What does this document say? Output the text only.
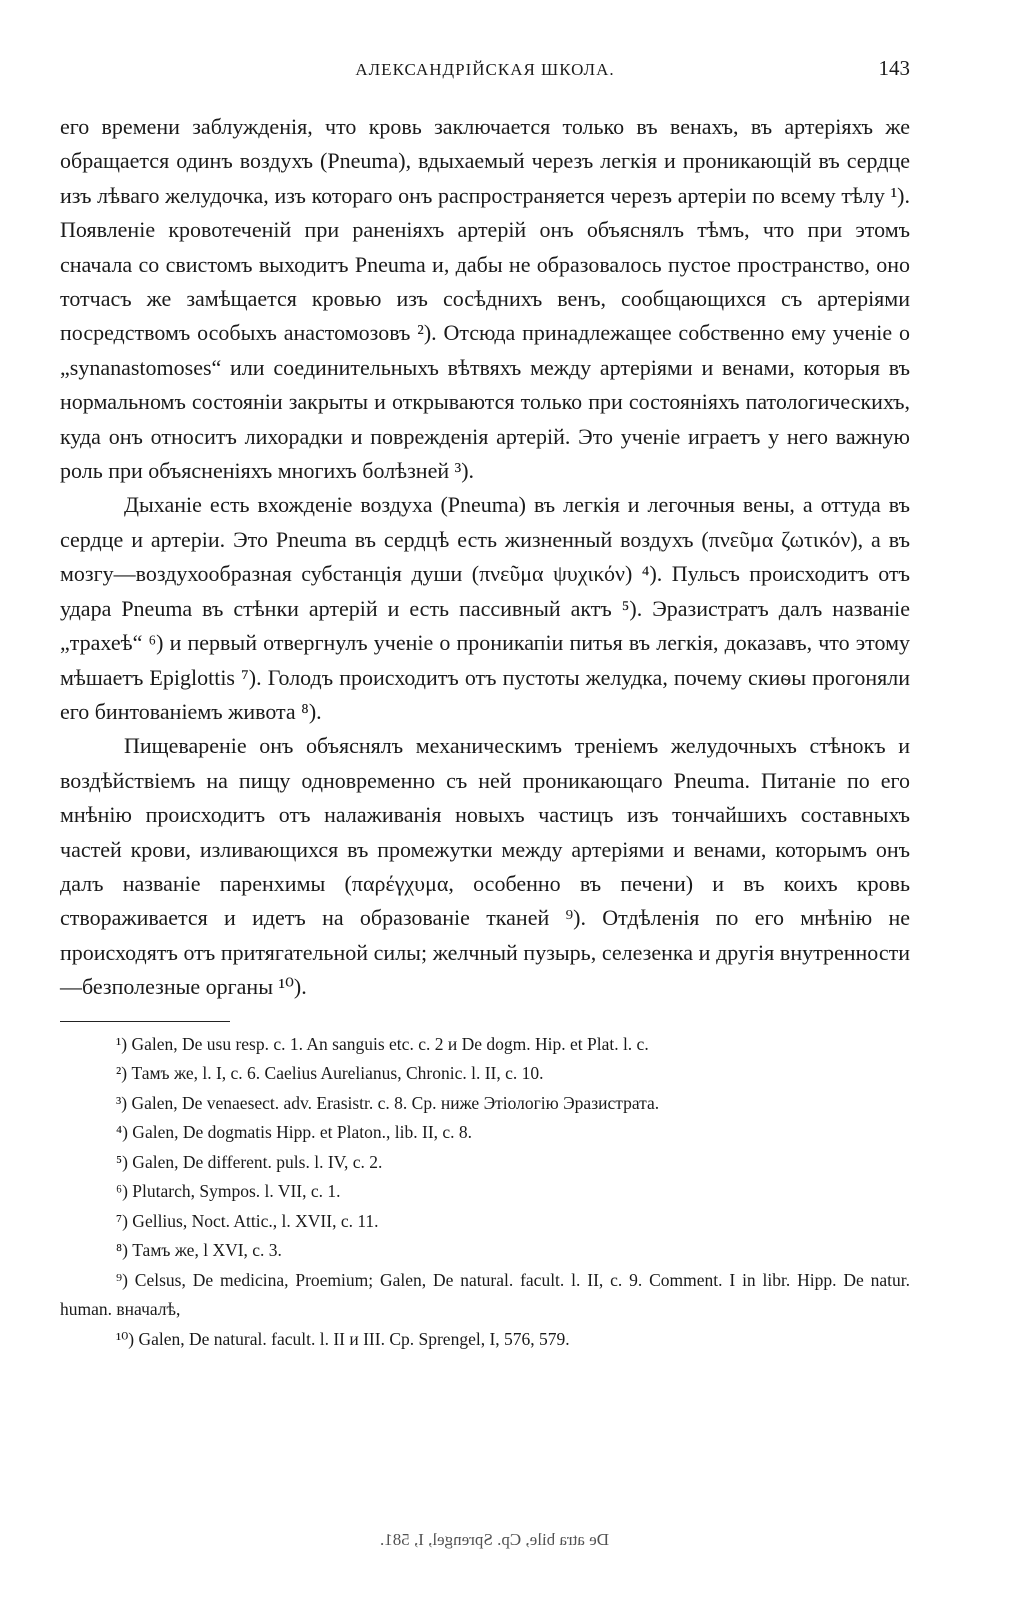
АЛЕКСАНДРІЙСКАЯ ШКОЛА.	143

его времени заблужденія, что кровь заключается только въ венахъ, въ артеріяхъ же обращается одинъ воздухъ (Pneuma), вдыхаемый черезъ легкія и проникающій въ сердце изъ лѣваго желудочка, изъ котораго онъ распространяется черезъ артеріи по всему тѣлу ¹). Появленіе кровотеченій при раненіяхъ артерій онъ объяснялъ тѣмъ, что при этомъ сначала со свистомъ выходитъ Pneuma и, дабы не образовалось пустое пространство, оно тотчасъ же замѣщается кровью изъ сосѣднихъ венъ, сообщающихся съ артеріями посредствомъ особыхъ анастомозовъ ²). Отсюда принадлежащее собственно ему ученіе о „synanastomoses“ или соединительныхъ вѣтвяхъ между артеріями и венами, которыя въ нормальномъ состояніи закрыты и открываются только при состояніяхъ патологическихъ, куда онъ относитъ лихорадки и поврежденія артерій. Это ученіе играетъ у него важную роль при объясненіяхъ многихъ болѣзней ³).

Дыханіе есть вхожденіе воздуха (Pneuma) въ легкія и легочныя вены, а оттуда въ сердце и артеріи. Это Pneuma въ сердцѣ есть жизненный воздухъ (πνεῦμα ζωτικόν), а въ мозгу—воздухообразная субстанція души (πνεῦμα ψυχικόν) ⁴). Пульсъ происходитъ отъ удара Pneuma въ стѣнки артерій и есть пассивный актъ ⁵). Эразистратъ далъ названіе „трахеѣ“ ⁶) и первый отвергнулъ ученіе о проникапіи питья въ легкія, доказавъ, что этому мѣшаетъ Epiglottis ⁷). Голодъ происходитъ отъ пустоты желудка, почему скиѳы прогоняли его бинтованіемъ живота ⁸).

Пищевареніе онъ объяснялъ механическимъ треніемъ желудочныхъ стѣнокъ и воздѣйствіемъ на пищу одновременно съ ней проникающаго Pneuma. Питаніе по его мнѣнію происходитъ отъ налаживанія новыхъ частицъ изъ тончайшихъ составныхъ частей крови, изливающихся въ промежутки между артеріями и венами, которымъ онъ далъ названіе паренхимы (παρέγχυμα, особенно въ печени) и въ коихъ кровь створаживается и идетъ на образованіе тканей ⁹). Отдѣленія по его мнѣнію не происходятъ отъ притягательной силы; желчный пузырь, селезенка и другія внутренности—безполезные органы ¹⁰).

¹) Galen, De usu resp. c. 1. An sanguis etc. c. 2 и De dogm. Hip. et Plat. l. c.
²) Тамъ же, l. I, c. 6. Caelius Aurelianus, Chronic. l. II, c. 10.
³) Galen, De venaesect. adv. Erasistr. c. 8. Ср. ниже Этіологію Эразистрата.
⁴) Galen, De dogmatis Hipp. et Platon., lib. II, c. 8.
⁵) Galen, De different. puls. l. IV, c. 2.
⁶) Plutarch, Sympos. l. VII, c. 1.
⁷) Gellius, Noct. Attic., l. XVII, c. 11.
⁸) Тамъ же, l XVI, c. 3.
⁹) Celsus, De medicina, Proemium; Galen, De natural. facult. l. II, c. 9. Comment. I in libr. Hipp. De natur. human. вначалѣ,
¹⁰) Galen, De natural. facult. l. II и III. Ср. Sprengel, I, 576, 579.
De atra bile, Ср. Sprengel, I, 581.
